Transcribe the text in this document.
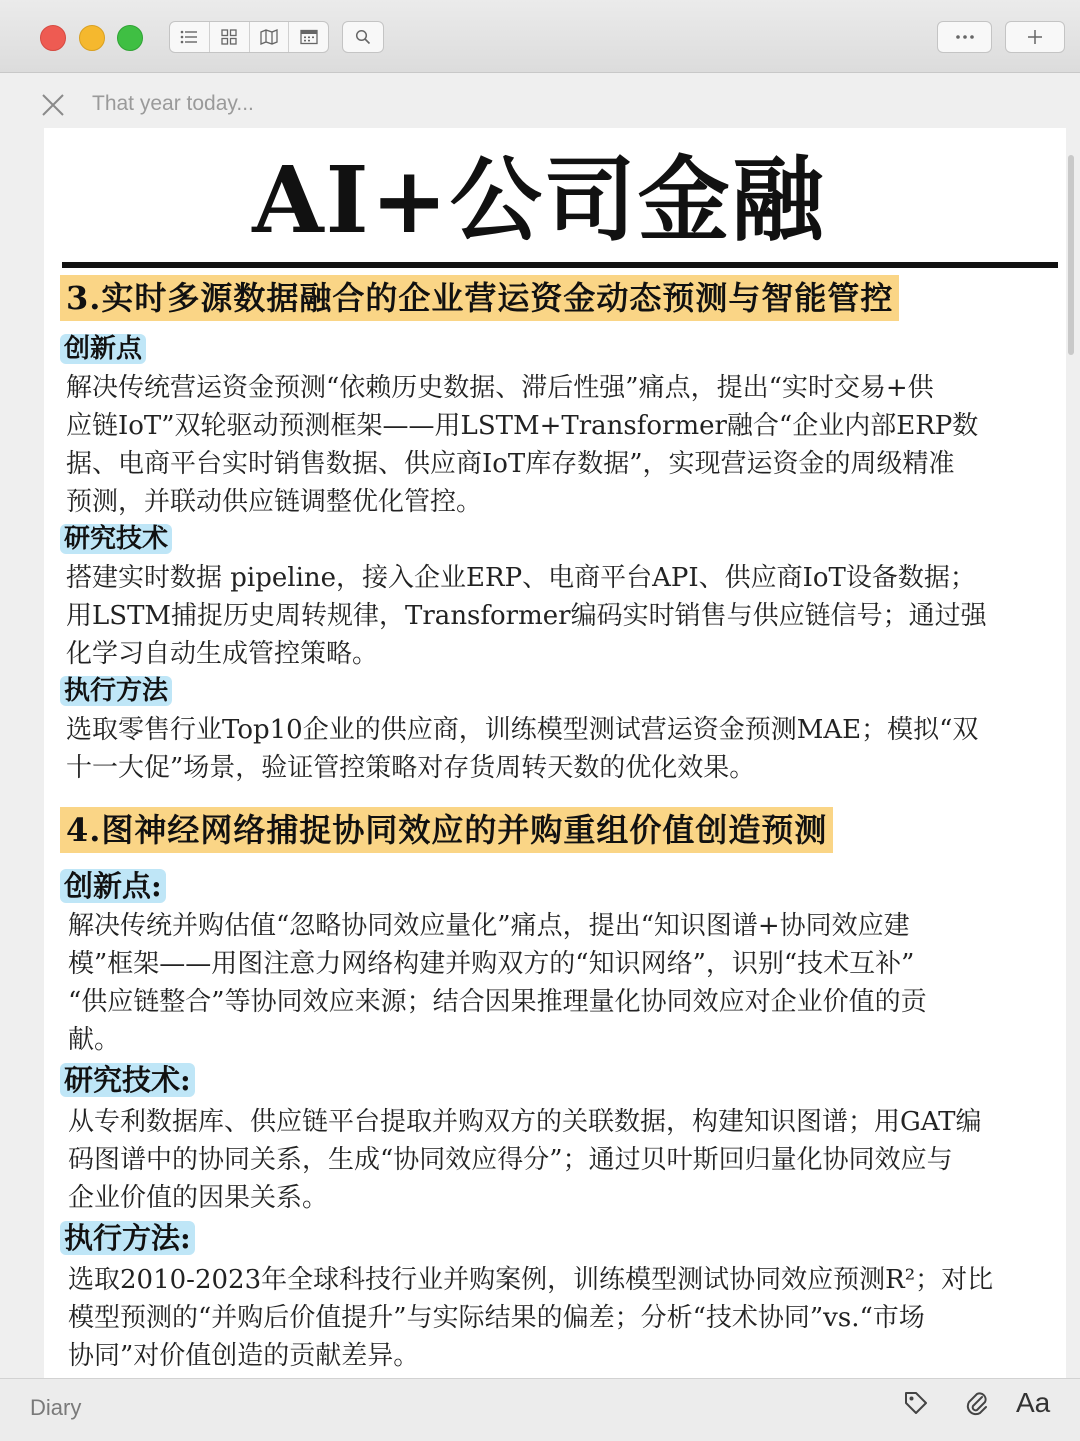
That year today...
AI+公司金融
3.实时多源数据融合的企业营运资金动态预测与智能管控
创新点
解决传统营运资金预测“依赖历史数据、滞后性强”痛点，提出“实时交易+供
应链IoT”双轮驱动预测框架——用LSTM+Transformer融合“企业内部ERP数
据、电商平台实时销售数据、供应商IoT库存数据”，实现营运资金的周级精准
预测，并联动供应链调整优化管控。
研究技术
搭建实时数据 pipeline，接入企业ERP、电商平台API、供应商IoT设备数据；
用LSTM捕捉历史周转规律，Transformer编码实时销售与供应链信号；通过强
化学习自动生成管控策略。
执行方法
选取零售行业Top10企业的供应商，训练模型测试营运资金预测MAE；模拟“双
十一大促”场景，验证管控策略对存货周转天数的优化效果。
4.图神经网络捕捉协同效应的并购重组价值创造预测
创新点:
解决传统并购估值“忽略协同效应量化”痛点，提出“知识图谱+协同效应建
模”框架——用图注意力网络构建并购双方的“知识网络”，识别“技术互补”
“供应链整合”等协同效应来源；结合因果推理量化协同效应对企业价值的贡
献。
研究技术:
从专利数据库、供应链平台提取并购双方的关联数据，构建知识图谱；用GAT编
码图谱中的协同关系，生成“协同效应得分”；通过贝叶斯回归量化协同效应与
企业价值的因果关系。
执行方法:
选取2010-2023年全球科技行业并购案例，训练模型测试协同效应预测R²；对比
模型预测的“并购后价值提升”与实际结果的偏差；分析“技术协同”vs.“市场
协同”对价值创造的贡献差异。
Diary	Aa
